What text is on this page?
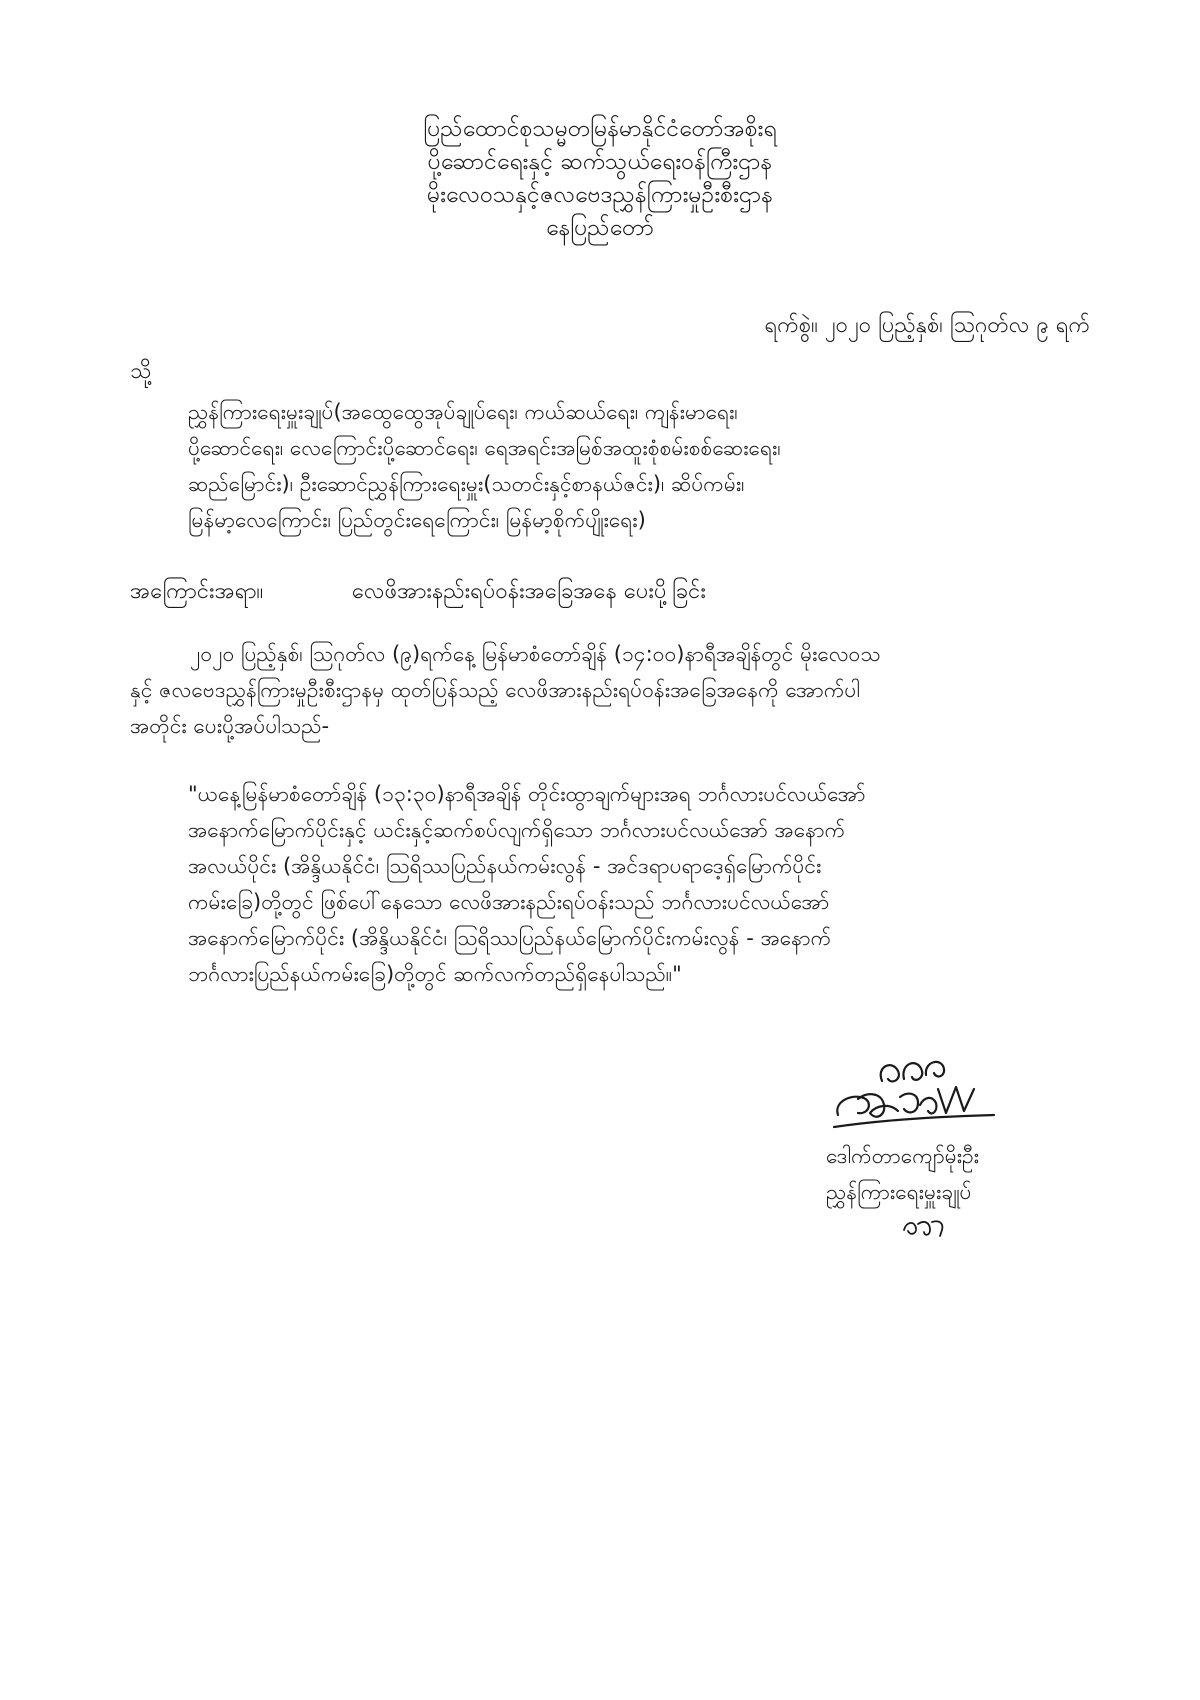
ပြည်ထောင်စုသမ္မတမြန်မာနိုင်ငံတော်အစိုးရ
ပို့ဆောင်ရေးနှင့် ဆက်သွယ်ရေးဝန်ကြီးဌာန
မိုးလေဝသနှင့်ဇလဗေဒညွှန်ကြားမှုဦးစီးဌာန
နေပြည်တော်
ရက်စွဲ။ ၂၀၂၀ ပြည့်နှစ်၊ ဩဂုတ်လ ၉ ရက်
သို့
ညွှန်ကြားရေးမှူးချုပ်(အထွေထွေအုပ်ချုပ်ရေး၊ ကယ်ဆယ်ရေး၊ ကျန်းမာရေး၊
ပို့ဆောင်ရေး၊ လေကြောင်းပို့ဆောင်ရေး၊ ရေအရင်းအမြစ်အထူးစုံစမ်းစစ်ဆေးရေး၊
ဆည်မြောင်း)၊ ဦးဆောင်ညွှန်ကြားရေးမှူး(သတင်းနှင့်စာနယ်ဇင်း)၊ ဆိပ်ကမ်း၊
မြန်မာ့လေကြောင်း၊ ပြည်တွင်းရေကြောင်း၊ မြန်မာ့စိုက်ပျိုးရေး)
အကြောင်းအရာ။	လေဖိအားနည်းရပ်ဝန်းအခြေအနေ ပေးပို့ခြင်း
၂၀၂၀ ပြည့်နှစ်၊ ဩဂုတ်လ (၉)ရက်နေ့ မြန်မာစံတော်ချိန် (၁၄:၀၀)နာရီအချိန်တွင် မိုးလေဝသ
နှင့် ဇလဗေဒညွှန်ကြားမှုဦးစီးဌာနမှ ထုတ်ပြန်သည့် လေဖိအားနည်းရပ်ဝန်းအခြေအနေကို အောက်ပါ
အတိုင်း ပေးပို့အပ်ပါသည်-
"ယနေ့မြန်မာစံတော်ချိန် (၁၃:၃၀)နာရီအချိန် တိုင်းထွာချက်များအရ ဘင်္ဂလားပင်လယ်အော်
အနောက်မြောက်ပိုင်းနှင့် ယင်းနှင့်ဆက်စပ်လျက်ရှိသော ဘင်္ဂလားပင်လယ်အော် အနောက်
အလယ်ပိုင်း (အိန္ဒိယနိုင်ငံ၊ ဩရိဿပြည်နယ်ကမ်းလွန် - အင်ဒရာပရာဒေ့ရှ်မြောက်ပိုင်း
ကမ်းခြေ)တို့တွင် ဖြစ်ပေါ်နေသော လေဖိအားနည်းရပ်ဝန်းသည် ဘင်္ဂလားပင်လယ်အော်
အနောက်မြောက်ပိုင်း (အိန္ဒိယနိုင်ငံ၊ ဩရိဿပြည်နယ်မြောက်ပိုင်းကမ်းလွန် - အနောက်
ဘင်္ဂလားပြည်နယ်ကမ်းခြေ)တို့တွင် ဆက်လက်တည်ရှိနေပါသည်။"
ဒေါက်တာကျော်မိုးဦး
ညွှန်ကြားရေးမှူးချုပ်
